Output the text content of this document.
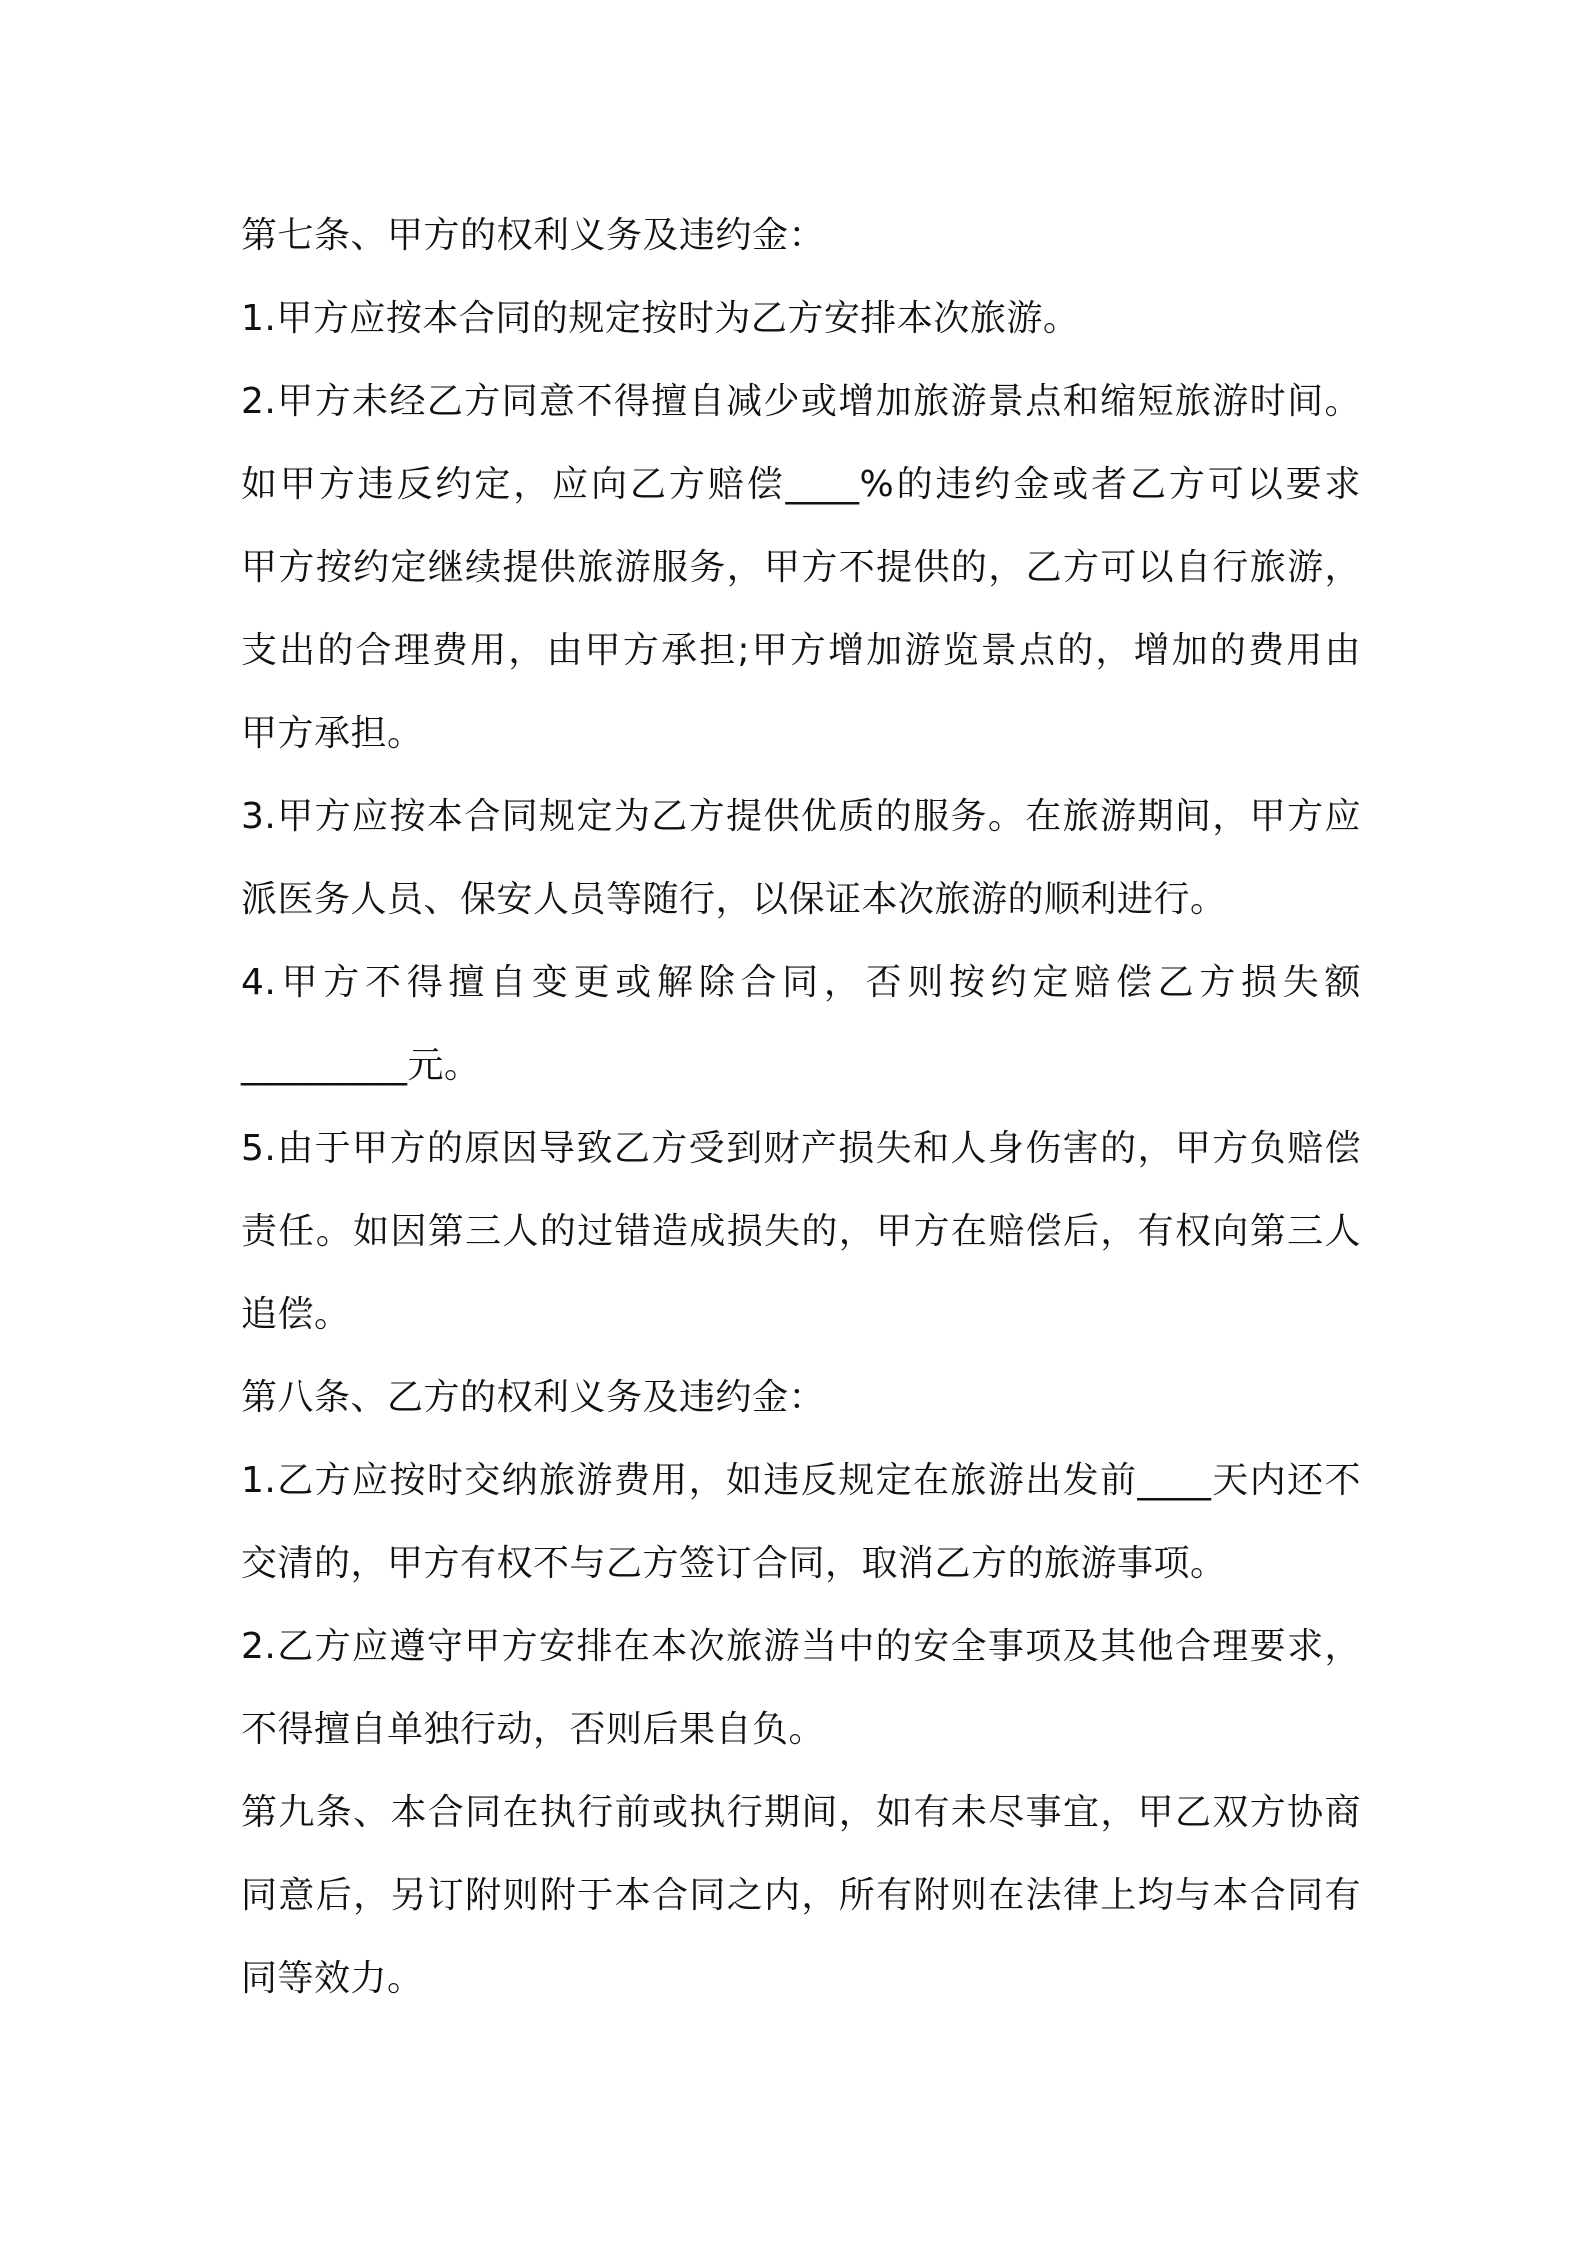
第七条、甲方的权利义务及违约金：
1.甲方应按本合同的规定按时为乙方安排本次旅游。
2.甲方未经乙方同意不得擅自减少或增加旅游景点和缩短旅游时间。
如甲方违反约定，应向乙方赔偿____%的违约金或者乙方可以要求
甲方按约定继续提供旅游服务，甲方不提供的，乙方可以自行旅游，
支出的合理费用，由甲方承担;甲方增加游览景点的，增加的费用由
甲方承担。
3.甲方应按本合同规定为乙方提供优质的服务。在旅游期间，甲方应
派医务人员、保安人员等随行，以保证本次旅游的顺利进行。
4.甲方不得擅自变更或解除合同，否则按约定赔偿乙方损失额
_________元。
5.由于甲方的原因导致乙方受到财产损失和人身伤害的，甲方负赔偿
责任。如因第三人的过错造成损失的，甲方在赔偿后，有权向第三人
追偿。
第八条、乙方的权利义务及违约金：
1.乙方应按时交纳旅游费用，如违反规定在旅游出发前____天内还不
交清的，甲方有权不与乙方签订合同，取消乙方的旅游事项。
2.乙方应遵守甲方安排在本次旅游当中的安全事项及其他合理要求，
不得擅自单独行动，否则后果自负。
第九条、本合同在执行前或执行期间，如有未尽事宜，甲乙双方协商
同意后，另订附则附于本合同之内，所有附则在法律上均与本合同有
同等效力。
